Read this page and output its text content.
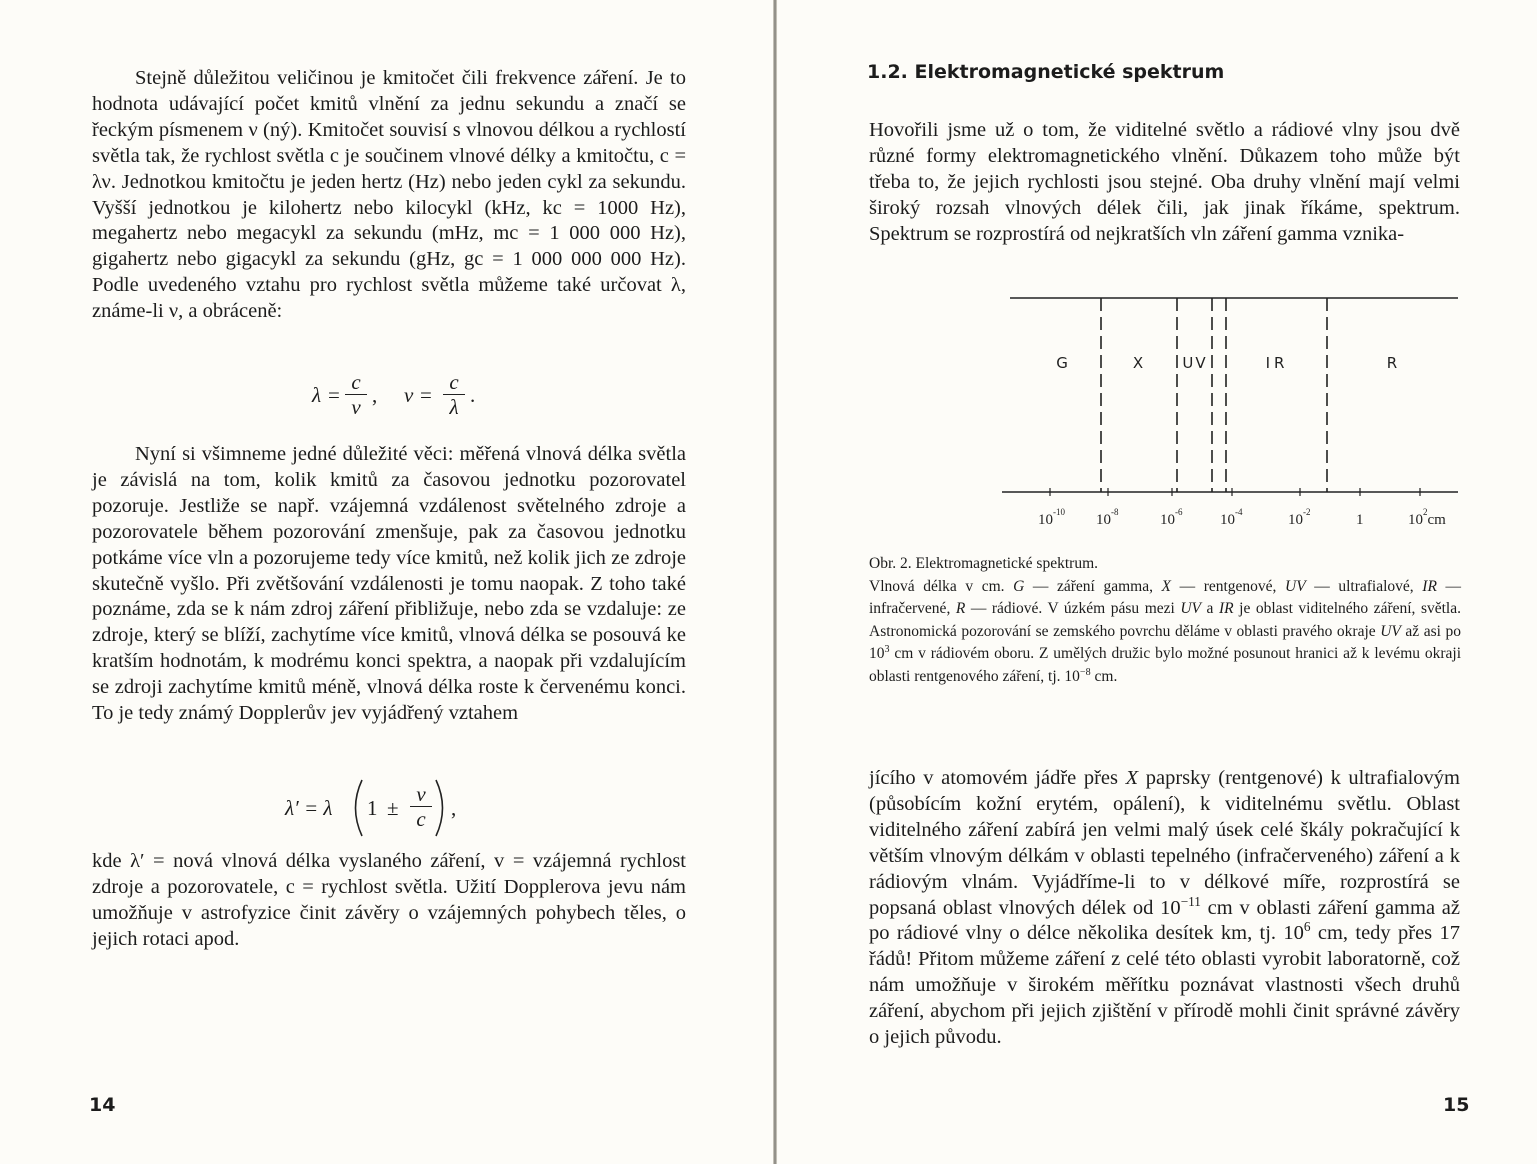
Stejně důležitou veličinou je kmitočet čili frekvence záření. Je to hodnota udávající počet kmitů vlnění za jednu sekundu a značí se řeckým písmenem ν (ný). Kmitočet souvisí s vlnovou délkou a rychlostí světla tak, že rychlost světla c je součinem vlnové délky a kmitočtu, c = λν. Jednotkou kmitočtu je jeden hertz (Hz) nebo jeden cykl za sekundu. Vyšší jednotkou je kilohertz nebo kilocykl (kHz, kc = 1000 Hz), megahertz nebo megacykl za sekundu (mHz, mc = 1 000 000 Hz), gigahertz nebo gigacykl za sekundu (gHz, gc = 1 000 000 000 Hz). Podle uvedeného vztahu pro rychlost světla můžeme také určovat λ, známe-li ν, a obráceně:

λ =
c
ν , ν =
c
λ .

Nyní si všimneme jedné důležité věci: měřená vlnová délka světla je závislá na tom, kolik kmitů za časovou jednotku pozorovatel pozoruje. Jestliže se např. vzájemná vzdálenost světelného zdroje a pozorovatele během pozorování zmenšuje, pak za časovou jednotku potkáme více vln a pozorujeme tedy více kmitů, než kolik jich ze zdroje skutečně vyšlo. Při zvětšování vzdálenosti je tomu naopak. Z toho také poznáme, zda se k nám zdroj záření přibližuje, nebo zda se vzdaluje: ze zdroje, který se blíží, zachytíme více kmitů, vlnová délka se posouvá ke kratším hodnotám, k modrému konci spektra, a naopak při vzdalujícím se zdroji zachytíme kmitů méně, vlnová délka roste k červenému konci. To je tedy známý Dopplerův jev vyjádřený vztahem

λ′ = λ 1 ±
v
c ,

kde λ′ = nová vlnová délka vyslaného záření, v = vzájemná rychlost zdroje a pozorovatele, c = rychlost světla. Užití Dopplerova jevu nám umožňuje v astrofyzice činit závěry o vzájemných pohybech těles, o jejich rotaci apod.

14
1.2. Elektromagnetické spektrum

Hovořili jsme už o tom, že viditelné světlo a rádiové vlny jsou dvě různé formy elektromagnetického vlnění. Důkazem toho může být třeba to, že jejich rychlosti jsou stejné. Oba druhy vlnění mají velmi široký rozsah vlnových délek čili, jak jinak říkáme, spektrum. Spektrum se rozprostírá od nejkratších vln záření gamma vznika-

G	X	UV	IR	R
$10^{-10}$ $10^{-8}$	$10^{-6}$	$10^{-4}$	$10^{-2}$	1	$10^2cm$

Obr. 2. Elektromagnetické spektrum.

Vlnová délka v cm. G — záření gamma, X — rentgenové, UV — ultrafialové, IR — infračervené, R — rádiové. V úzkém pásu mezi UV a IR je oblast viditelného záření, světla. Astronomická pozorování se zemského povrchu děláme v oblasti pravého okraje UV až asi po $10^3$ cm v rádiovém oboru. Z umělých družic bylo možné posunout hranici až k levému okraji oblasti rentgenového záření, tj. $10^{-8}$ cm.

jícího v atomovém jádře přes X paprsky (rentgenové) k ultrafialovým (působícím kožní erytém, opálení), k viditelnému světlu. Oblast viditelného záření zabírá jen velmi malý úsek celé škály pokračující k větším vlnovým délkám v oblasti tepelného (infračerveného) záření a k rádiovým vlnám. Vyjádříme-li to v délkové míře, rozprostírá se popsaná oblast vlnových délek od $10^{-11}$ cm v oblasti záření gamma až po rádiové vlny o délce několika desítek km, tj. $10^6$ cm, tedy přes 17 řádů! Přitom můžeme záření z celé této oblasti vyrobit laboratorně, což nám umožňuje v širokém měřítku poznávat vlastnosti všech druhů záření, abychom při jejich zjištění v přírodě mohli činit správné závěry o jejich původu.

15
